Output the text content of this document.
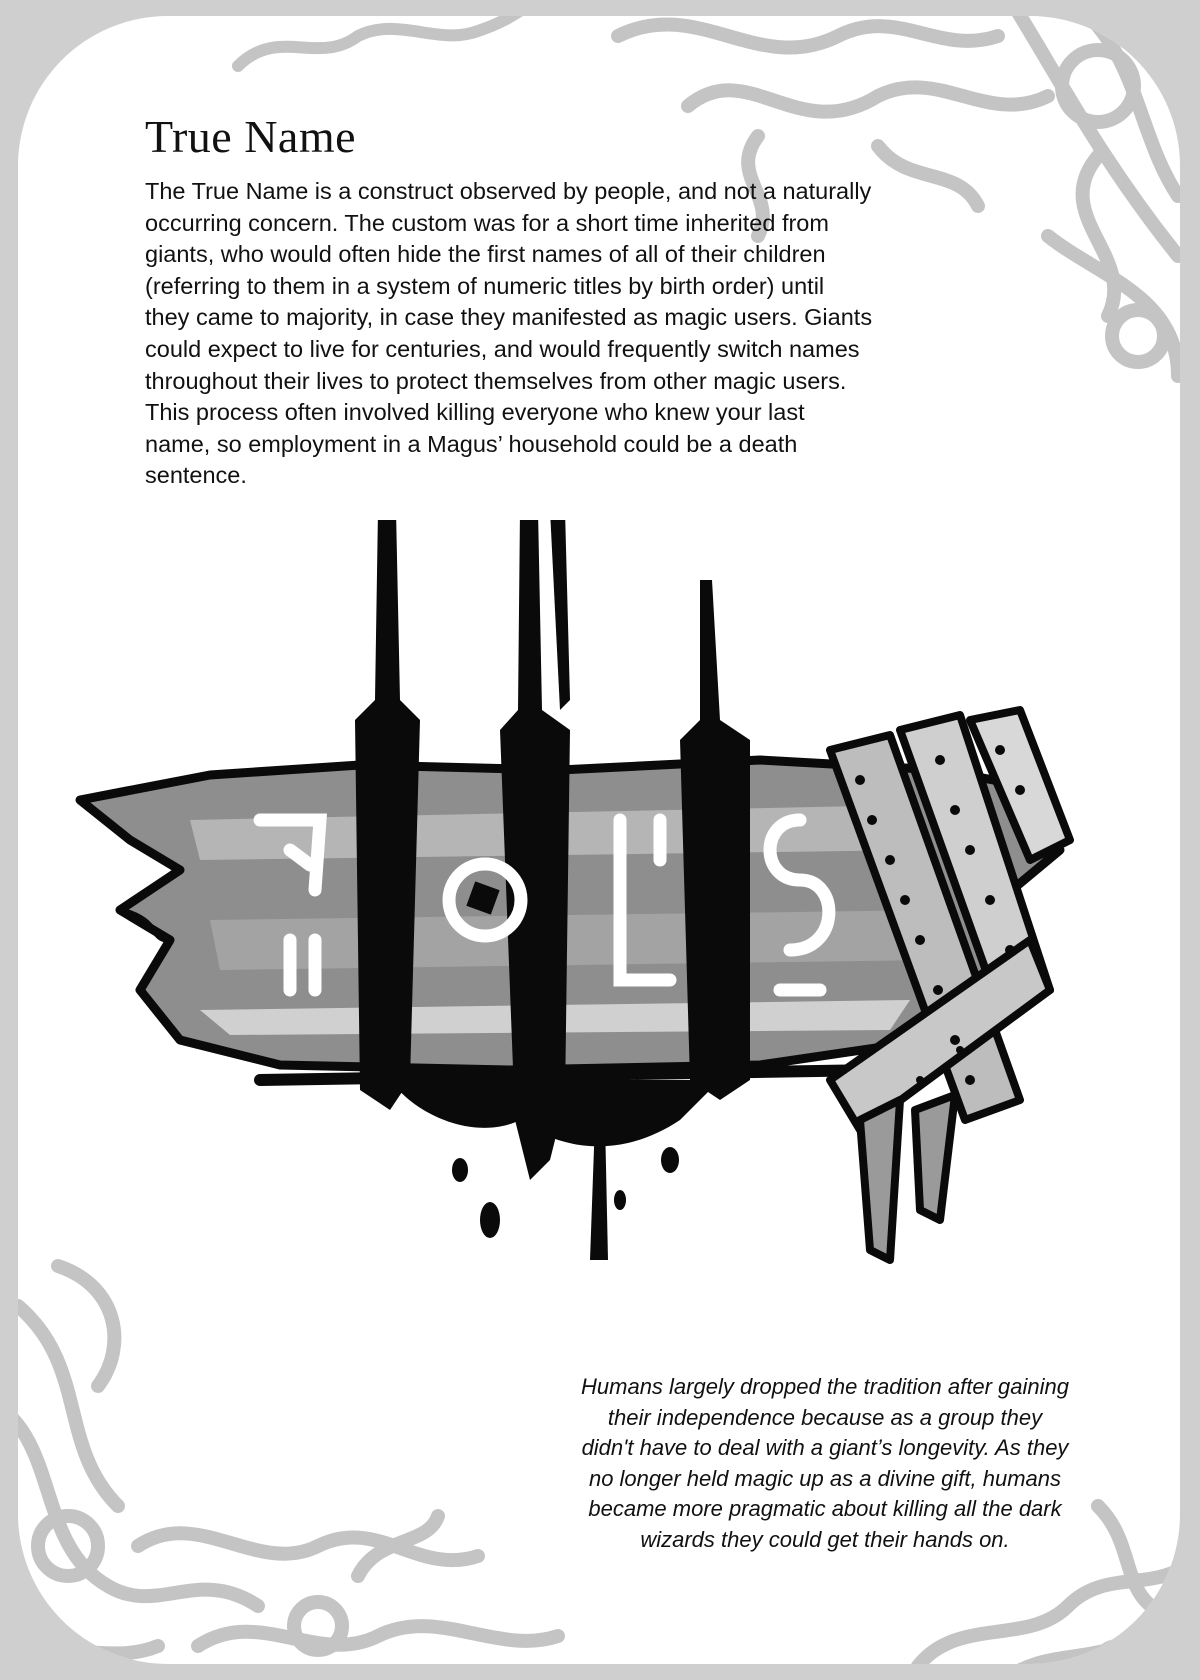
True Name

The True Name is a construct observed by people, and not a naturally occurring concern. The custom was for a short time inherited from giants, who would often hide the first names of all of their children (referring to them in a system of numeric titles by birth order) until they came to majority, in case they manifested as magic users. Giants could expect to live for centuries, and would frequently switch names throughout their lives to protect themselves from other magic users. This process often involved killing everyone who knew your last name, so employment in a Magus’ household could be a death sentence.

Humans largely dropped the tradition after gaining their independence because as a group they didn't have to deal with a giant’s longevity. As they no longer held magic up as a divine gift, humans became more pragmatic about killing all the dark wizards they could get their hands on.
